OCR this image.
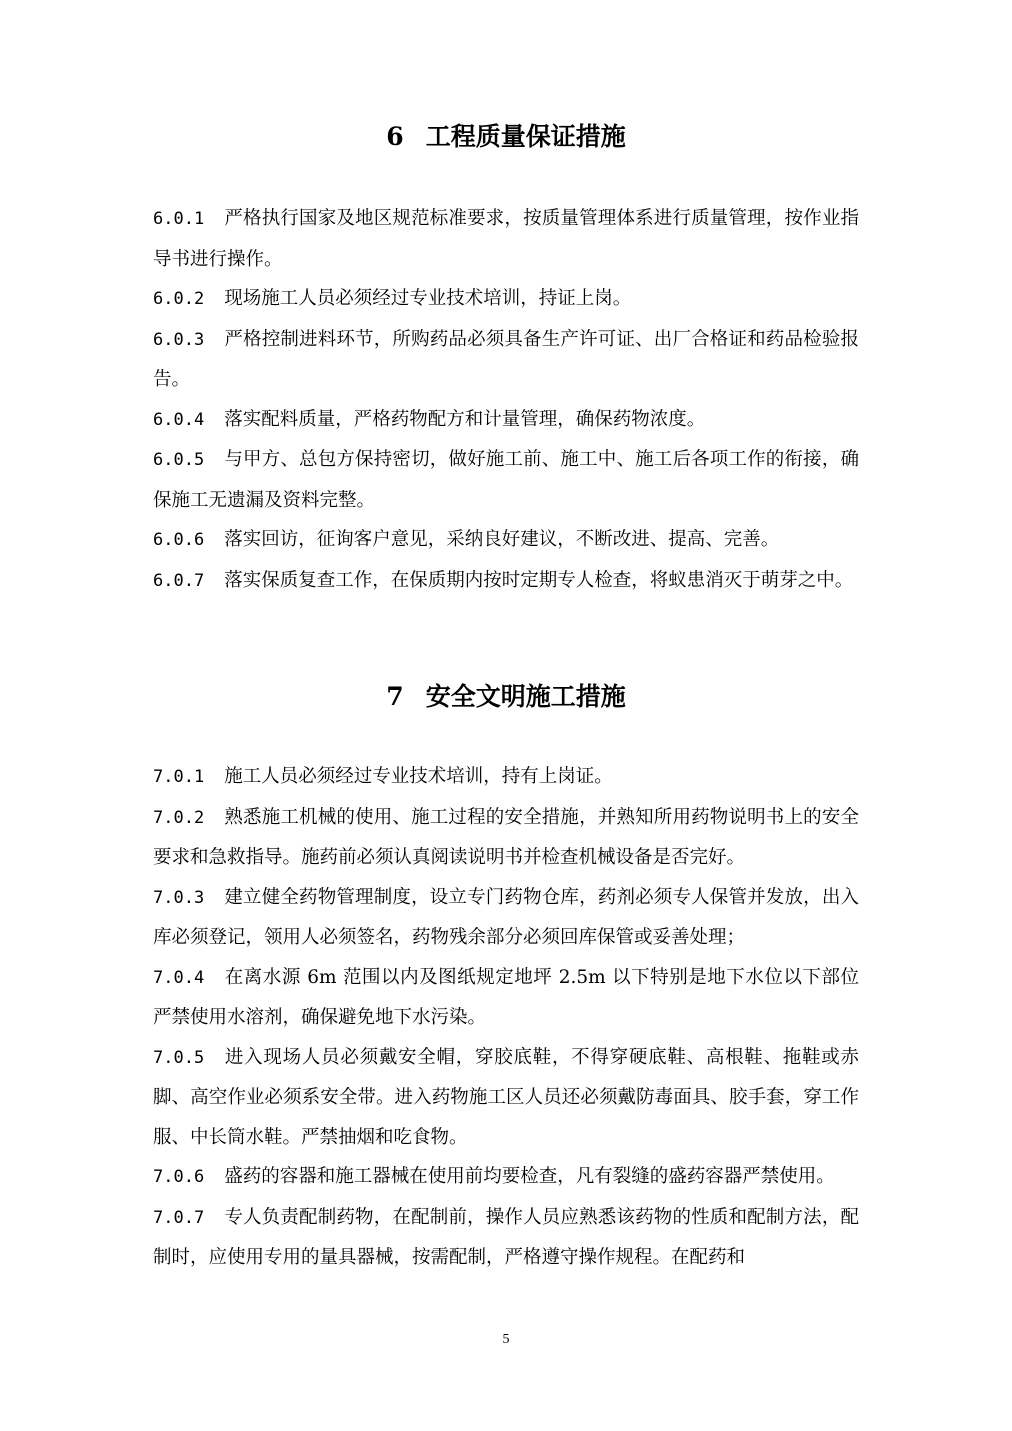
6 工程质量保证措施

6.0.1 严格执行国家及地区规范标准要求，按质量管理体系进行质量管理，按作业指导书进行操作。

6.0.2 现场施工人员必须经过专业技术培训，持证上岗。

6.0.3 严格控制进料环节，所购药品必须具备生产许可证、出厂合格证和药品检验报告。

6.0.4 落实配料质量，严格药物配方和计量管理，确保药物浓度。

6.0.5 与甲方、总包方保持密切，做好施工前、施工中、施工后各项工作的衔接，确保施工无遗漏及资料完整。

6.0.6 落实回访，征询客户意见，采纳良好建议，不断改进、提高、完善。

6.0.7 落实保质复查工作，在保质期内按时定期专人检查，将蚁患消灭于萌芽之中。

7 安全文明施工措施

7.0.1 施工人员必须经过专业技术培训，持有上岗证。

7.0.2 熟悉施工机械的使用、施工过程的安全措施，并熟知所用药物说明书上的安全要求和急救指导。施药前必须认真阅读说明书并检查机械设备是否完好。

7.0.3 建立健全药物管理制度，设立专门药物仓库，药剂必须专人保管并发放，出入库必须登记，领用人必须签名，药物残余部分必须回库保管或妥善处理；

7.0.4 在离水源 6m 范围以内及图纸规定地坪 2.5m 以下特别是地下水位以下部位严禁使用水溶剂，确保避免地下水污染。

7.0.5 进入现场人员必须戴安全帽，穿胶底鞋，不得穿硬底鞋、高根鞋、拖鞋或赤脚、高空作业必须系安全带。进入药物施工区人员还必须戴防毒面具、胶手套，穿工作服、中长筒水鞋。严禁抽烟和吃食物。

7.0.6 盛药的容器和施工器械在使用前均要检查，凡有裂缝的盛药容器严禁使用。

7.0.7 专人负责配制药物，在配制前，操作人员应熟悉该药物的性质和配制方法，配制时，应使用专用的量具器械，按需配制，严格遵守操作规程。在配药和

5
